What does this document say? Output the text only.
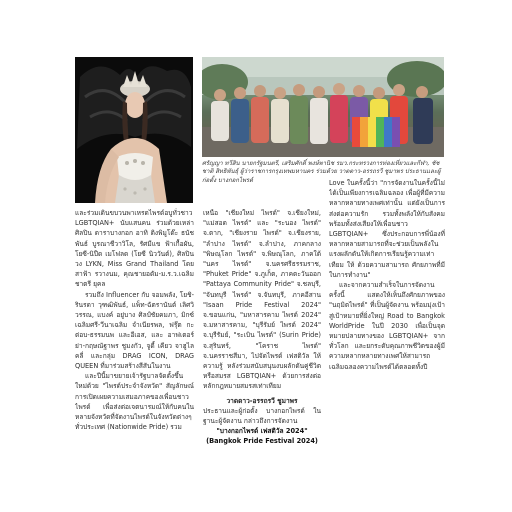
ศรัญญา ทวีสิน นายกรัฐมนตรี, เสริมศักดิ์ พงษ์พานิช รมว.กระทรวงการท่องเที่ยวและกีฬา, ชัชชาติ สิทธิพันธุ์ ผู้ว่าราชการกรุงเทพมหานคร ร่วมด้วย วาดดาว-อรรถรวี ชูมาพร ประธานและผู้ก่อตั้ง บางกอกไพรด์

และร่วมเดินขบวนพาเหรดไพรด์อบูทั่วชาว LGBTQIAN+ นับแสนคน ร่วมด้วยเหล่าศิลปิน ดาราบางกอก อาทิ ติงพิมูโด๊ะ ธนัชพันธ์ บูรณาชีวาวิโล, รัศมีแข ฟ้าเกื้อผัน, โยซี-นิปืด เมโฟลด (โยซี นิววันต์), ศิลปินวง LYKN, Miss Grand Thailand โดย สาฟ้า รวางนม, คุณชายอดัม-ม.ร.ว.เฉลิมชาตรี ยุคล

รวมถึง Influencer กับ จอมพลัง, โยชิ-รินรดา วุฑฒิพันธ์, แพ็ท-ฉัตรานันต์ เลิศวิวรรณ, แบงค์ อยู่บาง ศิลป์ชัยคมภา, มิกซ์ เฉลิมศรี-วีนาเฉลิม จำเนียรพล, ฟรุ๊ต กะต่อบ-ธรรมนพ และอีเอส, และ อาฟเตอร์ย่า-กฤษณัฐาพร ชูมงกัว, จูดี้ เคียว จาฮูไลคลี่ และกลุ่ม DRAG ICON, DRAG QUEEN ที่มาร่วมสร้างสีสันในงาน

และปีนี้มาขยายเจ้ารัฐบาลจัดตั้งขึ้นใหม่ด้วย "ไพรด์ประจำจังหวัด" สัญลักษณ์การเปิดเผยความเสมอภาคของเพื่อนชาวไพรด์ เพื่อส่งต่อเจตนารมณ์ให้กับคนในหลายจังหวัดที่จัดงานไพรด์ในจังหวัดต่างๆ ทั่วประเทศ (Nationwide Pride) รวม

เหนือ "เชียงใหม่ ไพรด์" จ.เชียงใหม่, "แม่สอด ไพรด์" และ "ระนอง ไพรด์" จ.ตาก, "เชียงราย ไพรด์" จ.เชียงราย, "ลำปาง ไพรด์" จ.ลำปาง, ภาคกลาง "พิษณุโลก ไพรด์" จ.พิษณุโลก, ภาคใต้ "นคร ไพรด์" จ.นครศรีธรรมราช, "Phuket Pride" จ.ภูเก็ต, ภาคตะวันออก "Pattaya Community Pride" จ.ชลบุรี, "จันทบุรี ไพรด์" จ.จันทบุรี, ภาคอีสาน "Isaan Pride Festival 2024" จ.ขอนแก่น, "มหาสารคาม ไพรด์ 2024" จ.มหาสารคาม, "บุรีรัมย์ ไพรด์ 2024" จ.บุรีรัมย์, "ระเบิน ไพรด์" (Surin Pride) จ.สุรินทร์, "โคราช ไพรด์" จ.นครราชสีมา, ไปจัดไพรด์ เฟสติวัล ให้ความรู้ หลังร่วมสนับสนุนงบผลักดันคู่ชีวิต หรือสมรส LGBTQIAN+ ด้วยการส่งต่อหลักกฎหมายสมรสเท่าเทียม

วาดดาว-อรรถรวี ชูมาพร

ประธานและผู้ก่อตั้ง บางกอกไพรด์ ในฐานะผู้จัดงาน กล่าวถึงการจัดงาน

"บางกอกไพรด์ เฟสติวัล 2024"

(Bangkok Pride Festival 2024)

Love ในครั้งนี้ว่า "การจัดงานในครั้งนี้ไม่ได้เป็นเพียงการเฉลิมฉลอง เพื่อผู้ที่มีความหลากหลายทางเพศเท่านั้น แต่ยังเป็นการส่งต่อความรัก รวมทั้งพลังให้กับสังคม พร้อมทั้งส่งเสียงให้เพื่อนชาว LGBTQIAN+ ซึ่งประกอบการพี่น้องที่หลากหลายสามารถที่จะช่วยเป็นพลังในแรงผลักดันให้เกิดการเรียนรู้ความเท่าเทียม ให้ ด้วยความสามารถ ศักยภาพที่มีในการทำงาน"

และจากความสำเร็จในการจัดงานครั้งนี้ แสดงให้เห็นถึงศักยภาพของ "นฤมิตไพรด์" ที่เป็นผู้จัดงาน พร้อมมุ่งเป้าสู่เป้าหมายที่ยิ่งใหญ่ Road to Bangkok WorldPride ในปี 2030 เพื่อเป็นจุดหมายปลายทางของ LGBTQIAN+ จากทั่วโลก และยกระดับคุณภาพชีวิตของผู้มีความหลากหลายทางเพศให้สามารถเฉลิมฉลองความไพรด์ได้ตลอดทั้งปี
